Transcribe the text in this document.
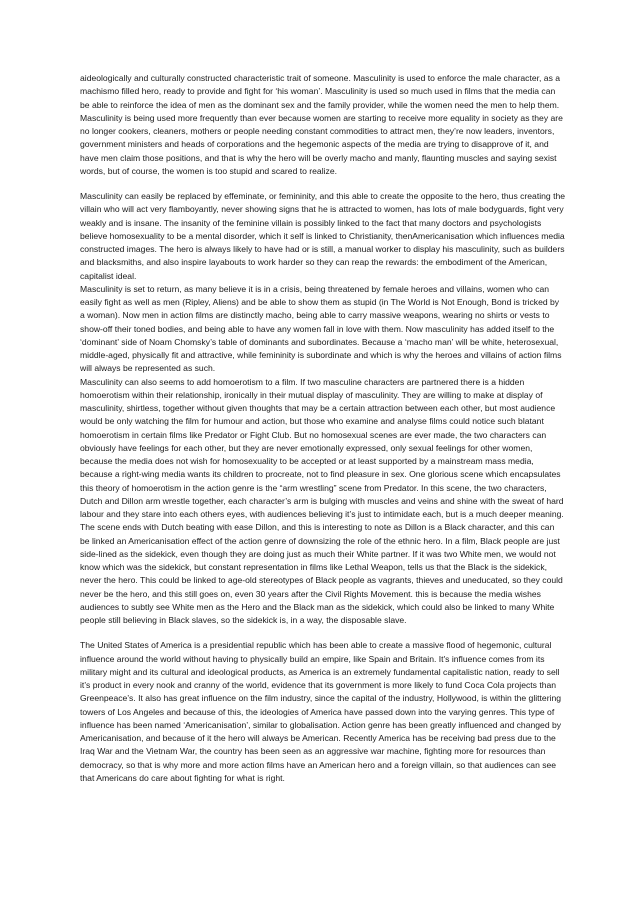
aideologically and culturally constructed characteristic trait of someone. Masculinity is used to enforce the male character, as a machismo filled hero, ready to provide and fight for ‘his woman’. Masculinity is used so much used in films that the media can be able to reinforce the idea of men as the dominant sex and the family provider, while the women need the men to help them. Masculinity is being used more frequently than ever because women are starting to receive more equality in society as they are no longer cookers, cleaners, mothers or people needing constant commodities to attract men, they’re now leaders, inventors, government ministers and heads of corporations and the hegemonic aspects of the media are trying to disapprove of it, and have men claim those positions, and that is why the hero will be overly macho and manly, flaunting muscles and saying sexist words, but of course, the women is too stupid and scared to realize.

Masculinity can easily be replaced by effeminate, or femininity, and this able to create the opposite to the hero, thus creating the villain who will act very flamboyantly, never showing signs that he is attracted to women, has lots of male bodyguards, fight very weakly and is insane. The insanity of the feminine villain is possibly linked to the fact that many doctors and psychologists believe homosexuality to be a mental disorder, which it self is linked to Christianity, thenAmericanisation which influences media constructed images. The hero is always likely to have had or is still, a manual worker to display his masculinity, such as builders and blacksmiths, and also inspire layabouts to work harder so they can reap the rewards: the embodiment of the American, capitalist ideal.

Masculinity is set to return, as many believe it is in a crisis, being threatened by female heroes and villains, women who can easily fight as well as men (Ripley, Aliens) and be able to show them as stupid (in The World is Not Enough, Bond is tricked by a woman). Now men in action films are distinctly macho, being able to carry massive weapons, wearing no shirts or vests to show-off their toned bodies, and being able to have any women fall in love with them. Now masculinity has added itself to the ‘dominant’ side of Noam Chomsky’s table of dominants and subordinates. Because a ‘macho man’ will be white, heterosexual, middle-aged, physically fit and attractive, while femininity is subordinate and which is why the heroes and villains of action films will always be represented as such.

Masculinity can also seems to add homoerotism to a film. If two masculine characters are partnered there is a hidden homoerotism within their relationship, ironically in their mutual display of masculinity. They are willing to make at display of masculinity, shirtless, together without given thoughts that may be a certain attraction between each other, but most audience would be only watching the film for humour and action, but those who examine and analyse films could notice such blatant homoerotism in certain films like Predator or Fight Club. But no homosexual scenes are ever made, the two characters can obviously have feelings for each other, but they are never emotionally expressed, only sexual feelings for other women, because the media does not wish for homosexuality to be accepted or at least supported by a mainstream mass media, because a right-wing media wants its children to procreate, not to find pleasure in sex. One glorious scene which encapsulates this theory of homoerotism in the action genre is the “arm wrestling” scene from Predator. In this scene, the two characters, Dutch and Dillon arm wrestle together, each character’s arm is bulging with muscles and veins and shine with the sweat of hard labour and they stare into each others eyes, with audiences believing it’s just to intimidate each, but is a much deeper meaning. The scene ends with Dutch beating with ease Dillon, and this is interesting to note as Dillon is a Black character, and this can be linked an Americanisation effect of the action genre of downsizing the role of the ethnic hero. In a film, Black people are just side-lined as the sidekick, even though they are doing just as much their White partner. If it was two White men, we would not know which was the sidekick, but constant representation in films like Lethal Weapon, tells us that the Black is the sidekick, never the hero. This could be linked to age-old stereotypes of Black people as vagrants, thieves and uneducated, so they could never be the hero, and this still goes on, even 30 years after the Civil Rights Movement. this is because the media wishes audiences to subtly see White men as the Hero and the Black man as the sidekick, which could also be linked to many White people still believing in Black slaves, so the sidekick is, in a way, the disposable slave.

The United States of America is a presidential republic which has been able to create a massive flood of hegemonic, cultural influence around the world without having to physically build an empire, like Spain and Britain. It's influence comes from its military might and its cultural and ideological products, as America is an extremely fundamental capitalistic nation, ready to sell it’s product in every nook and cranny of the world, evidence that its government is more likely to fund Coca Cola projects than Greenpeace’s. It also has great influence on the film industry, since the capital of the industry, Hollywood, is within the glittering towers of Los Angeles and because of this, the ideologies of America have passed down into the varying genres. This type of influence has been named ‘Americanisation’, similar to globalisation. Action genre has been greatly influenced and changed by Americanisation, and because of it the hero will always be American. Recently America has be receiving bad press due to the Iraq War and the Vietnam War, the country has been seen as an aggressive war machine, fighting more for resources than democracy, so that is why more and more action films have an American hero and a foreign villain, so that audiences can see that Americans do care about fighting for what is right.
